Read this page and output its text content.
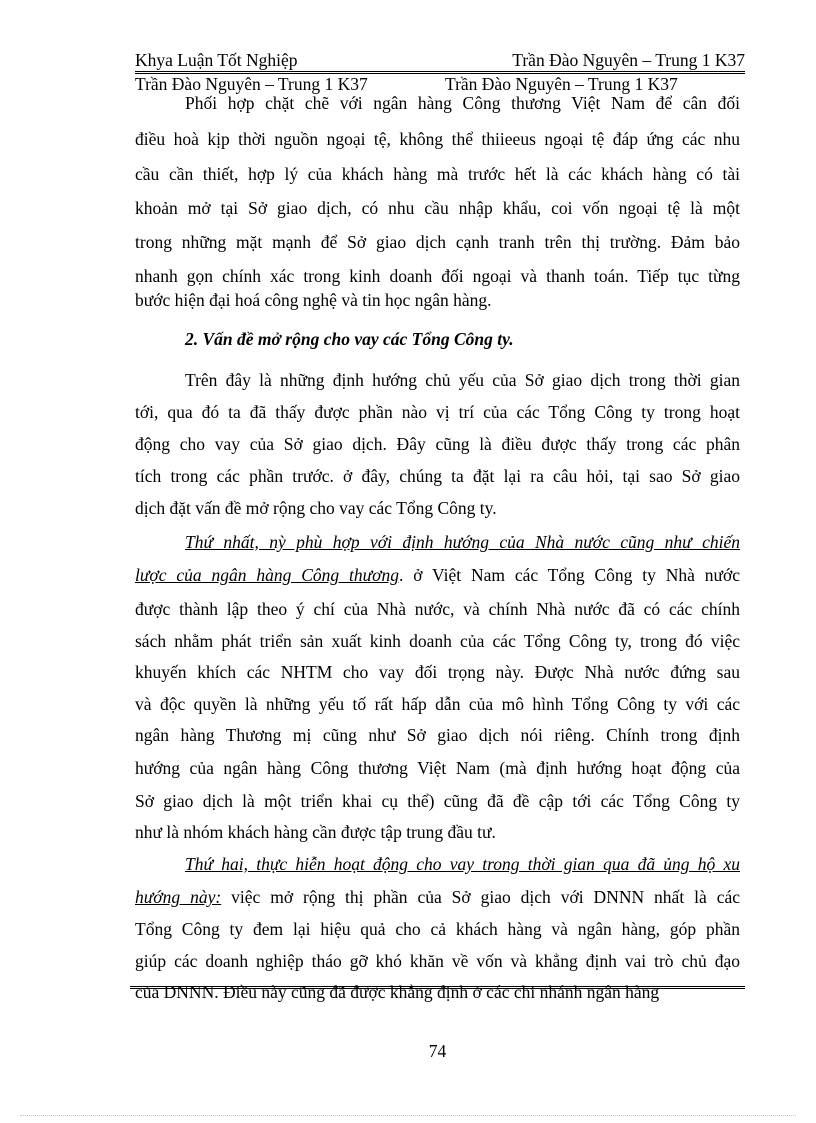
Khya Luận Tốt Nghiệp	Trần Đào Nguyên – Trung 1 K37
Trần Đào Nguyên – Trung 1 K37	Trần Đào Nguyên – Trung 1 K37
Phối hợp chặt chẽ với ngân hàng Công thương Việt Nam để cân đối
điều hoà kịp thời nguồn ngoại tệ, không thể thiieeus ngoại tệ đáp ứng các nhu
cầu cần thiết, hợp lý của khách hàng mà trước hết là các khách hàng có tài
khoản mở tại Sở giao dịch, có nhu cầu nhập khẩu, coi vốn ngoại tệ là một
trong những mặt mạnh để Sở giao dịch cạnh tranh trên thị trường. Đảm bảo
nhanh gọn chính xác trong kinh doanh đối ngoại và thanh toán. Tiếp tục từng
bước hiện đại hoá công nghệ và tin học ngân hàng.
2. Vấn đề mở rộng cho vay các Tổng Công ty.
Trên đây là những định hướng chủ yếu của Sở giao dịch trong thời gian
tới, qua đó ta đã thấy được phần nào vị trí của các Tổng Công ty trong hoạt
động cho vay của Sở giao dịch. Đây cũng là điều được thấy trong các phân
tích trong các phần trước. ở đây, chúng ta đặt lại ra câu hỏi, tại sao Sở giao
dịch đặt vấn đề mở rộng cho vay các Tổng Công ty.
Thứ nhất, nỳ phù hợp với định hướng của Nhà nước cũng như chiến
lược của ngân hàng Công thương. ở Việt Nam các Tổng Công ty Nhà nước
được thành lập theo ý chí của Nhà nước, và chính Nhà nước đã có các chính
sách nhằm phát triển sản xuất kinh doanh của các Tổng Công ty, trong đó việc
khuyến khích các NHTM cho vay đối trọng này. Được Nhà nước đứng sau
và độc quyền là những yếu tố rất hấp dẫn của mô hình Tổng Công ty với các
ngân hàng Thương mị cũng như Sở giao dịch nói riêng. Chính trong định
hướng của ngân hàng Công thương Việt Nam (mà định hướng hoạt động của
Sở giao dịch là một triển khai cụ thể) cũng đã đề cập tới các Tổng Công ty
như là nhóm khách hàng cần được tập trung đầu tư.
Thứ hai, thực hiễn hoạt động cho vay trong thời gian qua đã ủng hộ xu
hướng này: việc mở rộng thị phần của Sở giao dịch với DNNN nhất là các
Tổng Công ty đem lại hiệu quả cho cả khách hàng và ngân hàng, góp phần
giúp các doanh nghiệp tháo gỡ khó khăn về vốn và khẳng định vai trò chủ đạo
của DNNN. Điều này cũng đã được khẳng định ở các chi nhánh ngân hàng
74
